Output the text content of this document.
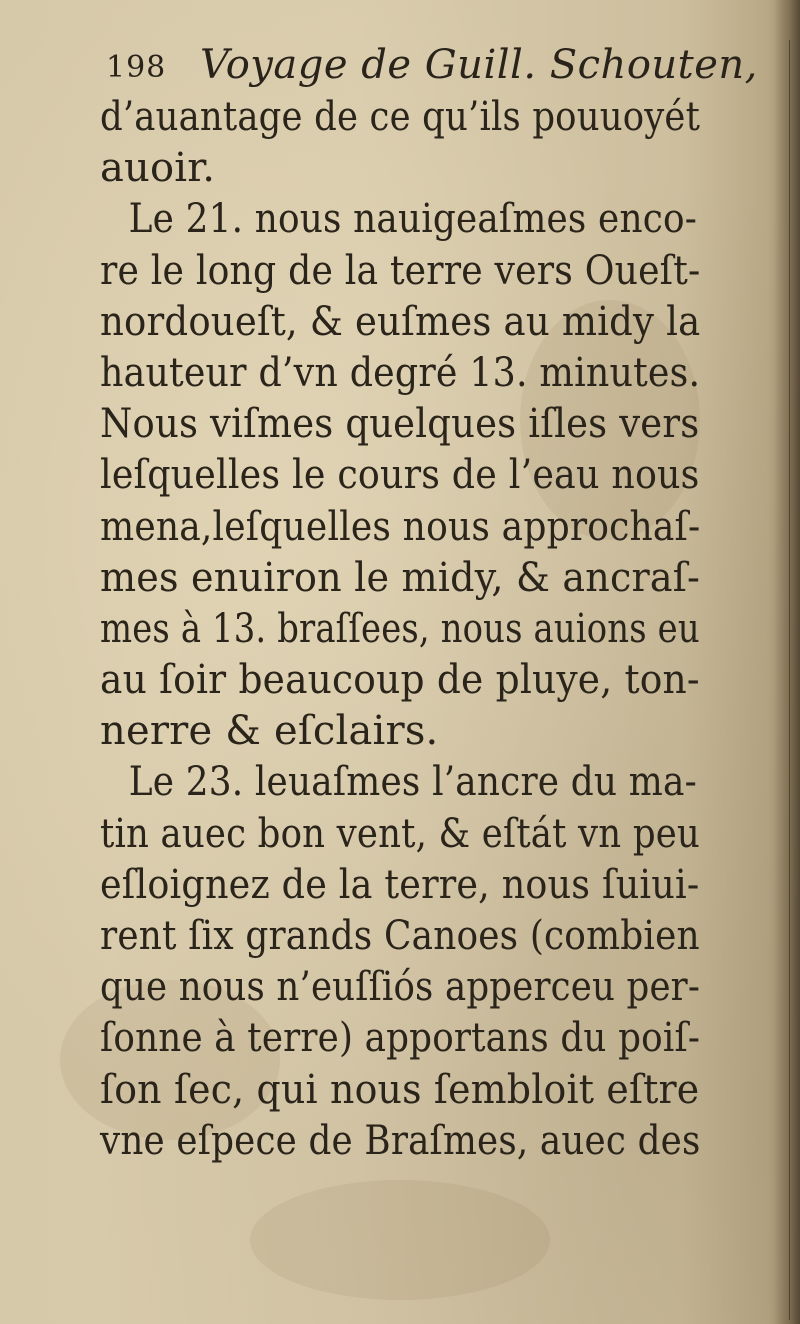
198 Voyage de Guill. Schouten,
d’auantage de ce qu’ils pouuoyét
auoir.
Le 21. nous nauigeaſmes enco-
re le long de la terre vers Oueſt-
nordoueſt, & euſmes au midy la
hauteur d’vn degré 13. minutes.
Nous viſmes quelques iſles vers
leſquelles le cours de l’eau nous
mena,leſquelles nous approchaſ-
mes enuiron le midy, & ancraſ-
mes à 13. braſſees, nous auions eu
au ſoir beaucoup de pluye, ton-
nerre & eſclairs.
Le 23. leuaſmes l’ancre du ma-
tin auec bon vent, & eſtát vn peu
eſloignez de la terre, nous ſuiui-
rent ſix grands Canoes (combien
que nous n’euſſiós apperceu per-
ſonne à terre) apportans du poiſ-
ſon ſec, qui nous ſembloit eſtre
vne eſpece de Braſmes, auec des
